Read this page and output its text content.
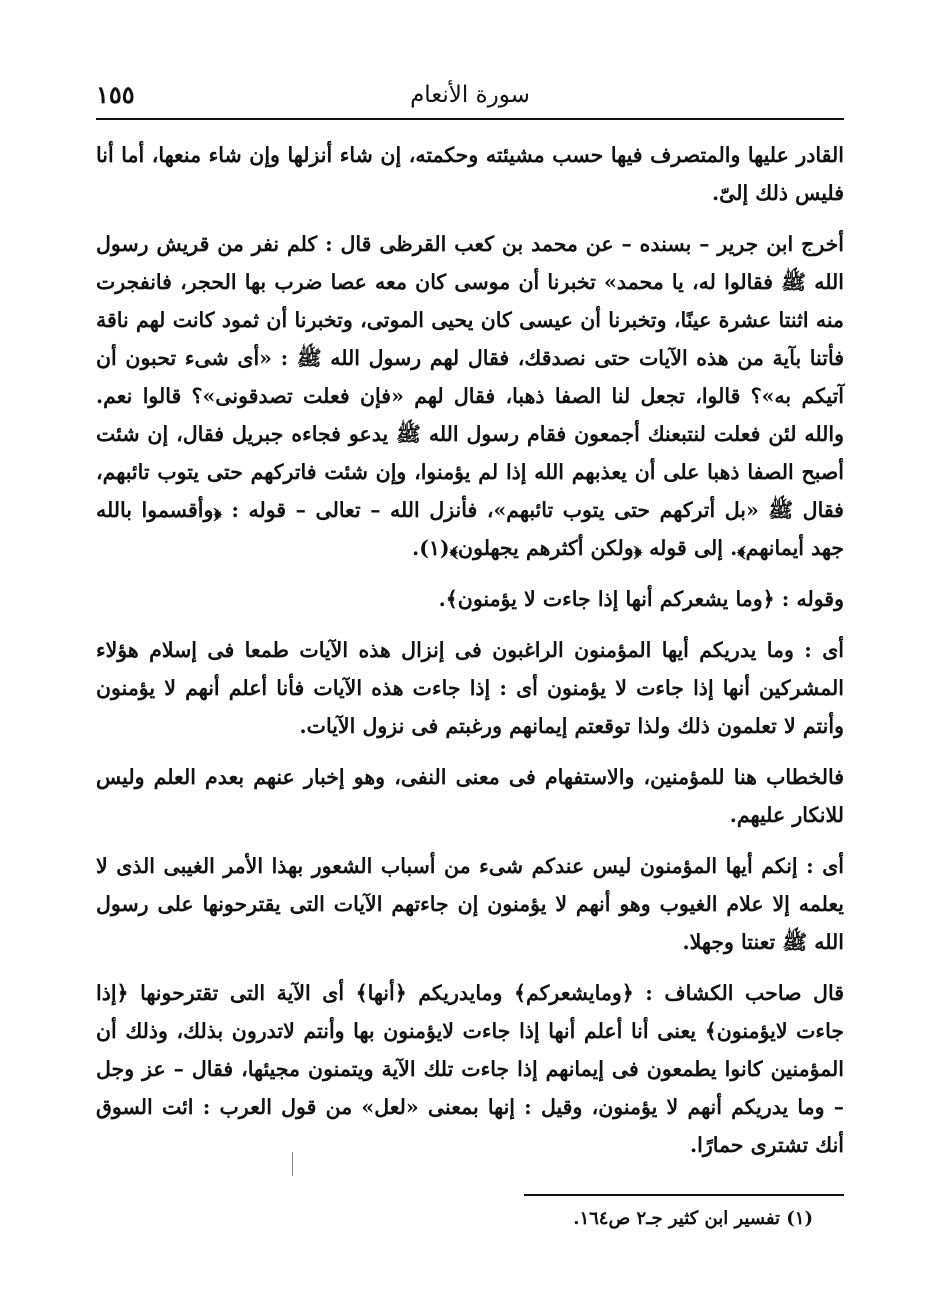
سورة الأنعام
١٥٥

القادر عليها والمتصرف فيها حسب مشيئته وحكمته، إن شاء أنزلها وإن شاء منعها، أما أنا فليس ذلك إلىّ.

أخرج ابن جرير – بسنده – عن محمد بن كعب القرظى قال : كلم نفر من قريش رسول الله ﷺ فقالوا له، يا محمد» تخبرنا أن موسى كان معه عصا ضرب بها الحجر، فانفجرت منه اثنتا عشرة عينًا، وتخبرنا أن عيسى كان يحيى الموتى، وتخبرنا أن ثمود كانت لهم ناقة فأتنا بآية من هذه الآيات حتى نصدقك، فقال لهم رسول الله ﷺ : «أى شىء تحبون أن آتيكم به»؟ قالوا، تجعل لنا الصفا ذهبا، فقال لهم «فإن فعلت تصدقونى»؟ قالوا نعم. والله لئن فعلت لنتبعنك أجمعون فقام رسول الله ﷺ يدعو فجاءه جبريل فقال، إن شئت أصبح الصفا ذهبا على أن يعذبهم الله إذا لم يؤمنوا، وإن شئت فاتركهم حتى يتوب تائبهم، فقال ﷺ «بل أتركهم حتى يتوب تائبهم»، فأنزل الله – تعالى – قوله : ﴿وأقسموا بالله جهد أيمانهم﴾. إلى قوله ﴿ولكن أكثرهم يجهلون﴾(١).

وقوله : ﴿وما يشعركم أنها إذا جاءت لا يؤمنون﴾.

أى : وما يدريكم أيها المؤمنون الراغبون فى إنزال هذه الآيات طمعا فى إسلام هؤلاء المشركين أنها إذا جاءت لا يؤمنون أى : إذا جاءت هذه الآيات فأنا أعلم أنهم لا يؤمنون وأنتم لا تعلمون ذلك ولذا توقعتم إيمانهم ورغبتم فى نزول الآيات.

فالخطاب هنا للمؤمنين، والاستفهام فى معنى النفى، وهو إخبار عنهم بعدم العلم وليس للانكار عليهم.

أى : إنكم أيها المؤمنون ليس عندكم شىء من أسباب الشعور بهذا الأمر الغيبى الذى لا يعلمه إلا علام الغيوب وهو أنهم لا يؤمنون إن جاءتهم الآيات التى يقترحونها على رسول الله ﷺ تعنتا وجهلا.

قال صاحب الكشاف : ﴿ومايشعركم﴾ ومايدريكم ﴿أنها﴾ أى الآية التى تقترحونها ﴿إذا جاءت لايؤمنون﴾ يعنى أنا أعلم أنها إذا جاءت لايؤمنون بها وأنتم لاتدرون بذلك، وذلك أن المؤمنين كانوا يطمعون فى إيمانهم إذا جاءت تلك الآية ويتمنون مجيئها، فقال – عز وجل – وما يدريكم أنهم لا يؤمنون، وقيل : إنها بمعنى «لعل» من قول العرب : ائت السوق أنك تشترى حمارًا.

(١) تفسير ابن كثير جـ٢ ص١٦٤.
